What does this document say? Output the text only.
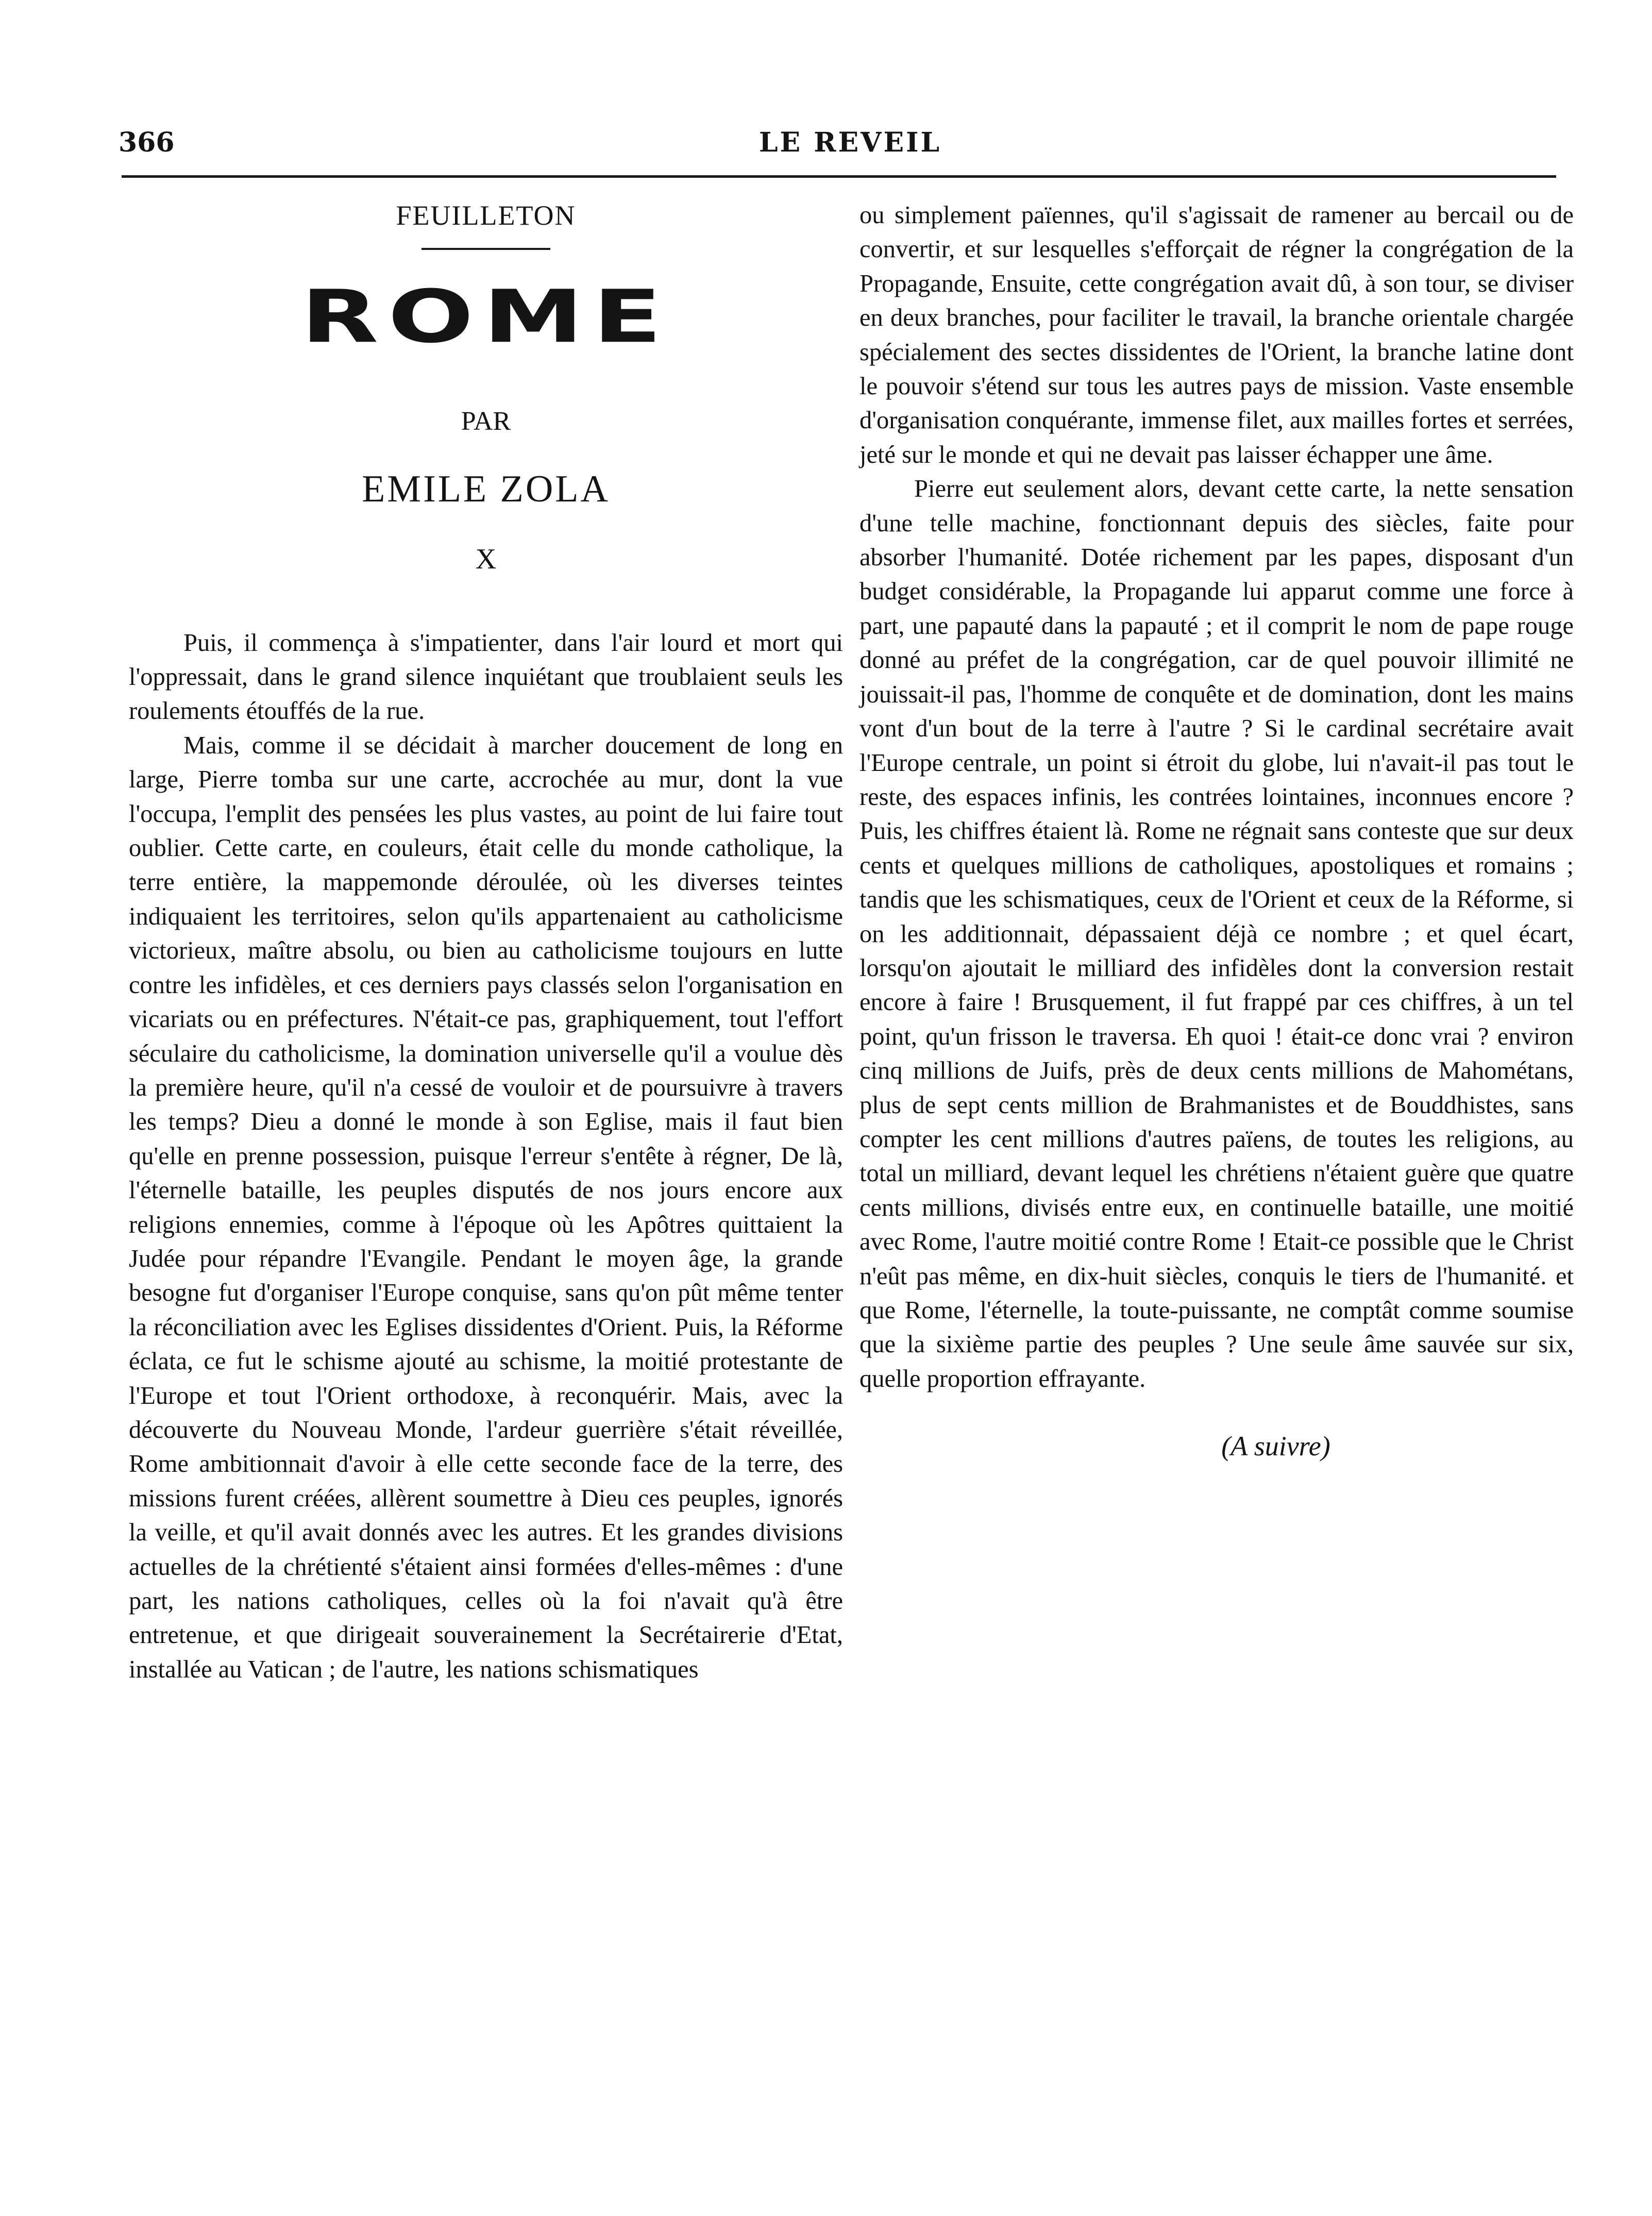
366	LE REVEIL
FEUILLETON
ROME
PAR
EMILE ZOLA
X

Puis, il commença à s'impatienter, dans l'air lourd et mort qui l'oppressait, dans le grand silence inquiétant que troublaient seuls les roulements étouffés de la rue.

Mais, comme il se décidait à marcher doucement de long en large, Pierre tomba sur une carte, accrochée au mur, dont la vue l'occupa, l'emplit des pensées les plus vastes, au point de lui faire tout oublier. Cette carte, en couleurs, était celle du monde catholique, la terre entière, la mappemonde déroulée, où les diverses teintes indiquaient les territoires, selon qu'ils appartenaient au catholicisme victorieux, maître absolu, ou bien au catholicisme toujours en lutte contre les infidèles, et ces derniers pays classés selon l'organisation en vicariats ou en préfectures. N'était-ce pas, graphiquement, tout l'effort séculaire du catholicisme, la domination universelle qu'il a voulue dès la première heure, qu'il n'a cessé de vouloir et de poursuivre à travers les temps? Dieu a donné le monde à son Eglise, mais il faut bien qu'elle en prenne possession, puisque l'erreur s'entête à régner, De là, l'éternelle bataille, les peuples disputés de nos jours encore aux religions ennemies, comme à l'époque où les Apôtres quittaient la Judée pour répandre l'Evangile. Pendant le moyen âge, la grande besogne fut d'organiser l'Europe conquise, sans qu'on pût même tenter la réconciliation avec les Eglises dissidentes d'Orient. Puis, la Réforme éclata, ce fut le schisme ajouté au schisme, la moitié protestante de l'Europe et tout l'Orient orthodoxe, à reconquérir. Mais, avec la découverte du Nouveau Monde, l'ardeur guerrière s'était réveillée, Rome ambitionnait d'avoir à elle cette seconde face de la terre, des missions furent créées, allèrent soumettre à Dieu ces peuples, ignorés la veille, et qu'il avait donnés avec les autres. Et les grandes divisions actuelles de la chrétienté s'étaient ainsi formées d'elles-mêmes : d'une part, les nations catholiques, celles où la foi n'avait qu'à être entretenue, et que dirigeait souverainement la Secrétairerie d'Etat, installée au Vatican ; de l'autre, les nations schismatiques

ou simplement païennes, qu'il s'agissait de ramener au bercail ou de convertir, et sur lesquelles s'efforçait de régner la congrégation de la Propagande, Ensuite, cette congrégation avait dû, à son tour, se diviser en deux branches, pour faciliter le travail, la branche orientale chargée spécialement des sectes dissidentes de l'Orient, la branche latine dont le pouvoir s'étend sur tous les autres pays de mission. Vaste ensemble d'organisation conquérante, immense filet, aux mailles fortes et serrées, jeté sur le monde et qui ne devait pas laisser échapper une âme.

Pierre eut seulement alors, devant cette carte, la nette sensation d'une telle machine, fonctionnant depuis des siècles, faite pour absorber l'humanité. Dotée richement par les papes, disposant d'un budget considérable, la Propagande lui apparut comme une force à part, une papauté dans la papauté ; et il comprit le nom de pape rouge donné au préfet de la congrégation, car de quel pouvoir illimité ne jouissait-il pas, l'homme de conquête et de domination, dont les mains vont d'un bout de la terre à l'autre ? Si le cardinal secrétaire avait l'Europe centrale, un point si étroit du globe, lui n'avait-il pas tout le reste, des espaces infinis, les contrées lointaines, inconnues encore ? Puis, les chiffres étaient là. Rome ne régnait sans conteste que sur deux cents et quelques millions de catholiques, apostoliques et romains ; tandis que les schismatiques, ceux de l'Orient et ceux de la Réforme, si on les additionnait, dépassaient déjà ce nombre ; et quel écart, lorsqu'on ajoutait le milliard des infidèles dont la conversion restait encore à faire ! Brusquement, il fut frappé par ces chiffres, à un tel point, qu'un frisson le traversa. Eh quoi ! était-ce donc vrai ? environ cinq millions de Juifs, près de deux cents millions de Mahométans, plus de sept cents million de Brahmanistes et de Bouddhistes, sans compter les cent millions d'autres païens, de toutes les religions, au total un milliard, devant lequel les chrétiens n'étaient guère que quatre cents millions, divisés entre eux, en continuelle bataille, une moitié avec Rome, l'autre moitié contre Rome ! Etait-ce possible que le Christ n'eût pas même, en dix-huit siècles, conquis le tiers de l'humanité. et que Rome, l'éternelle, la toute-puissante, ne comptât comme soumise que la sixième partie des peuples ? Une seule âme sauvée sur six, quelle proportion effrayante.

(A suivre)
